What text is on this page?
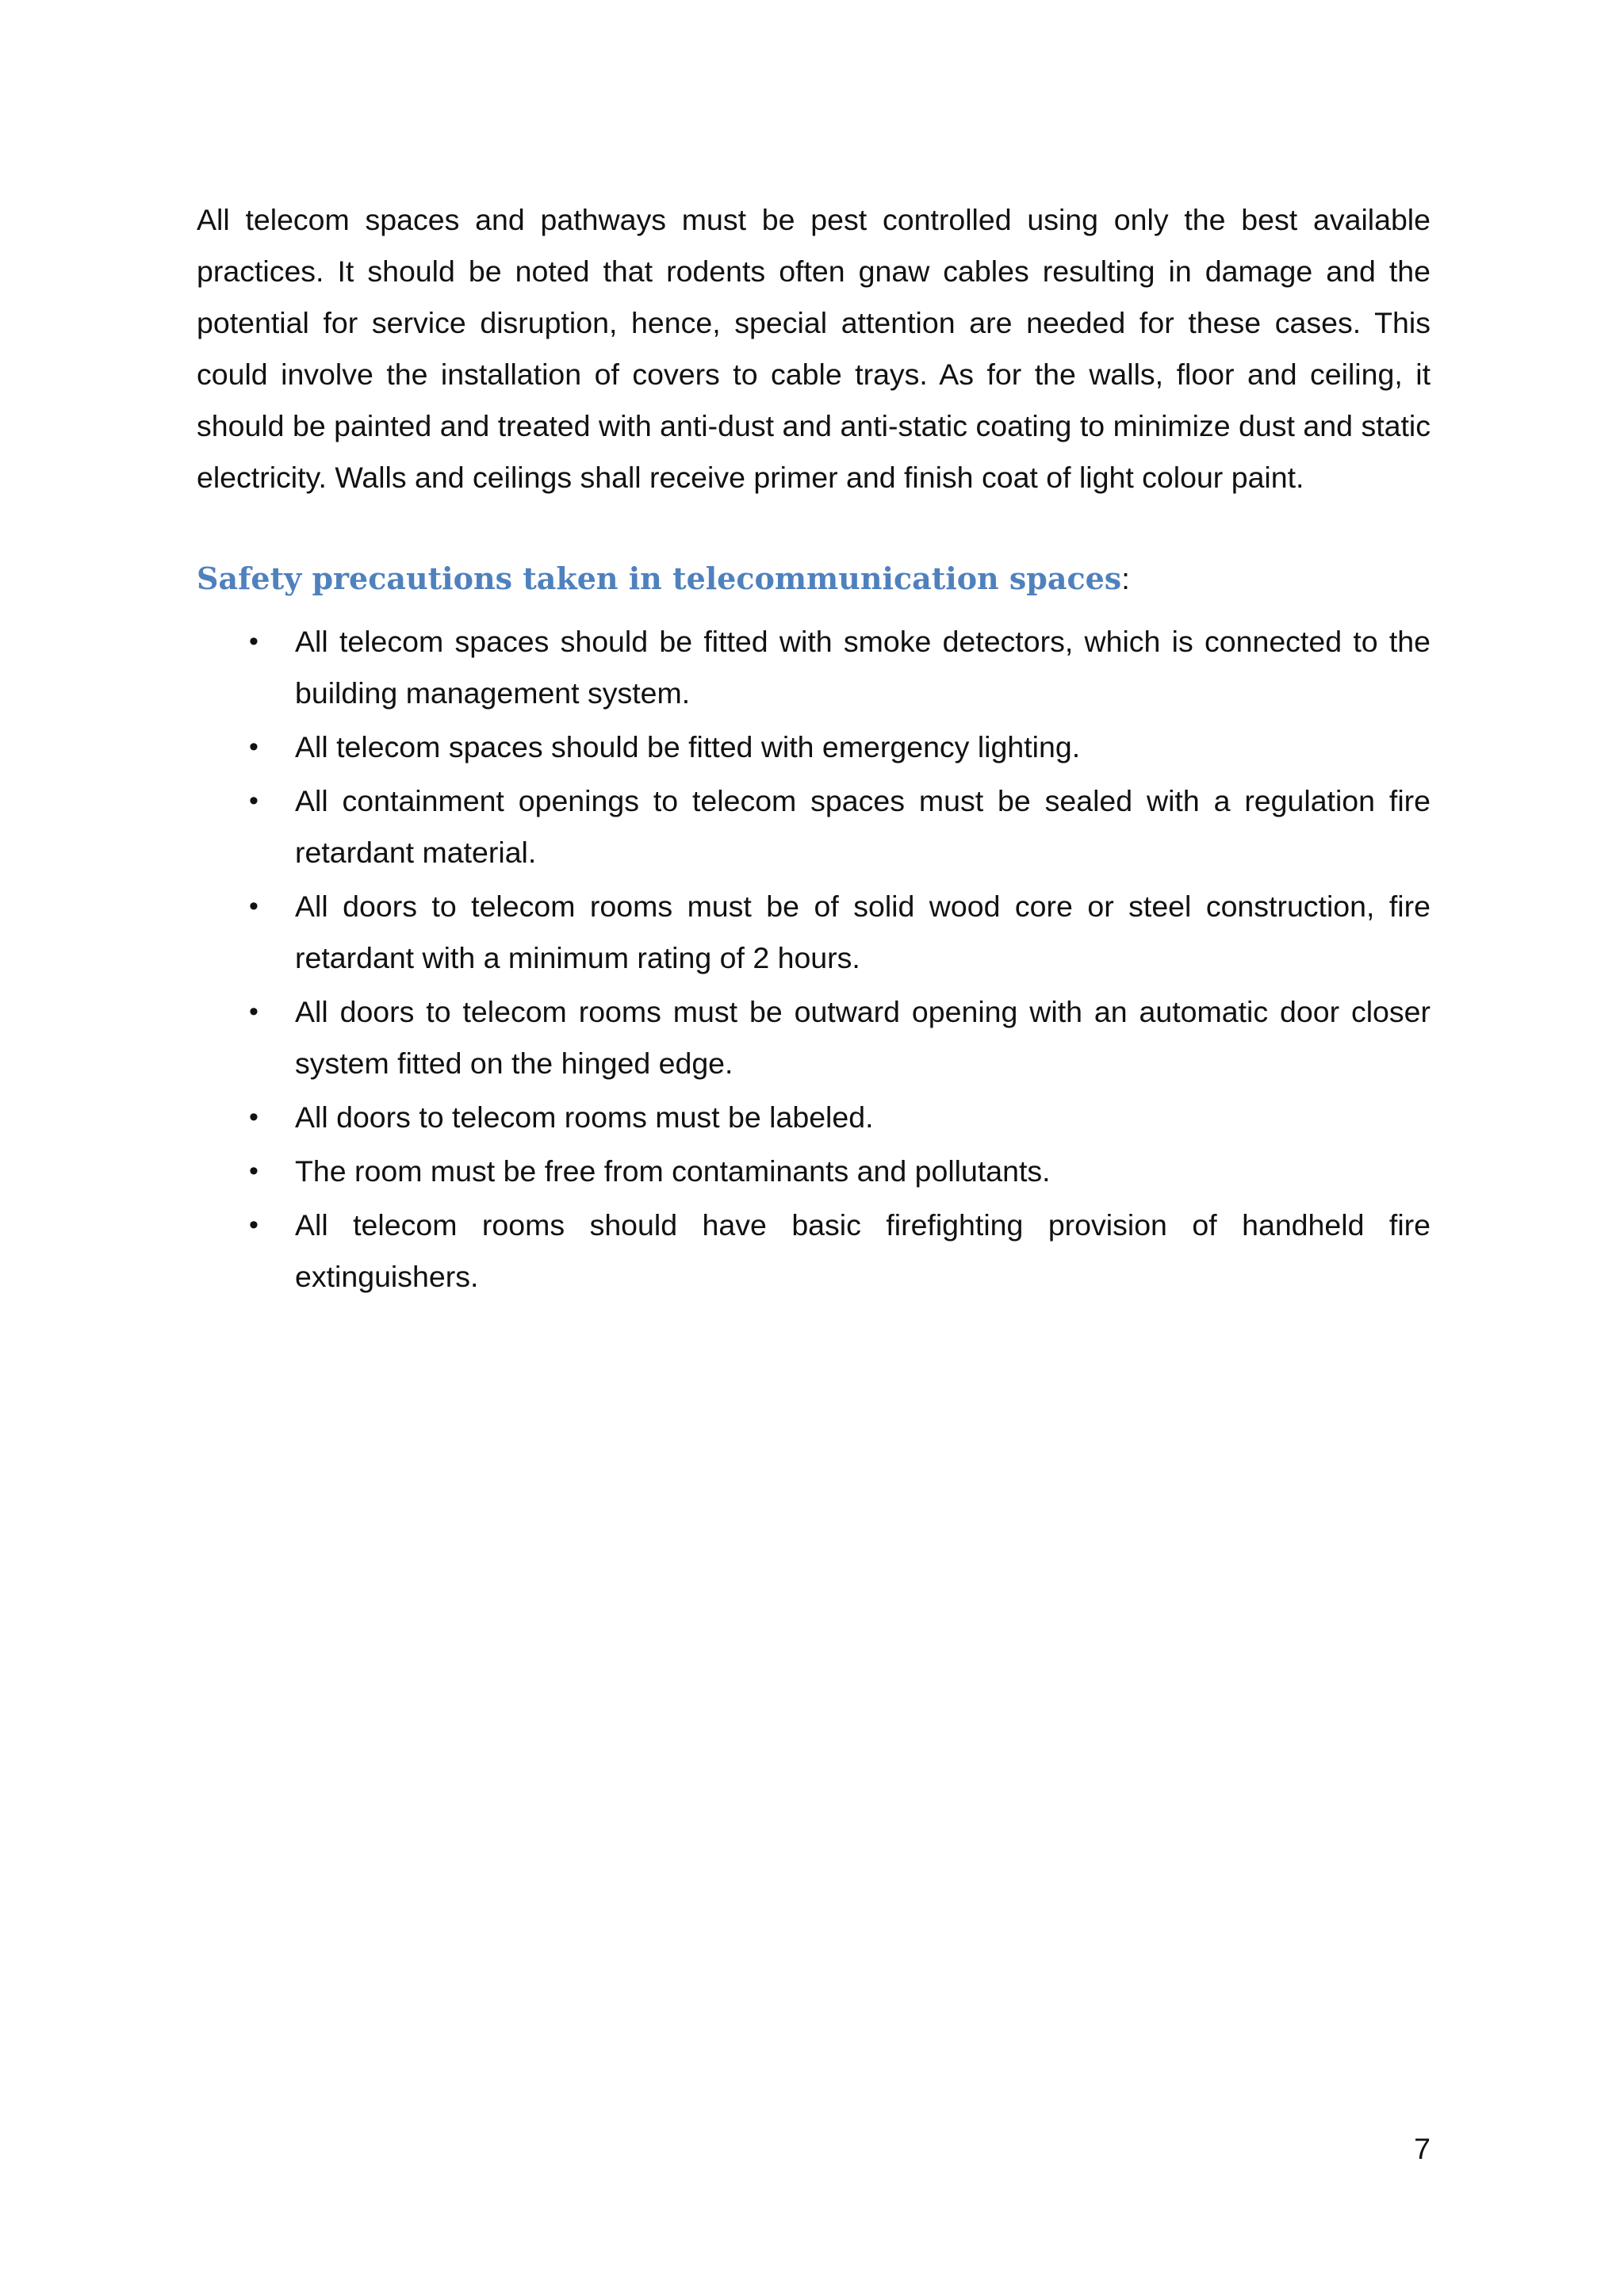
All telecom spaces and pathways must be pest controlled using only the best available practices. It should be noted that rodents often gnaw cables resulting in damage and the potential for service disruption, hence, special attention are needed for these cases. This could involve the installation of covers to cable trays. As for the walls, floor and ceiling, it should be painted and treated with anti-dust and anti-static coating to minimize dust and static electricity. Walls and ceilings shall receive primer and finish coat of light colour paint.

Safety precautions taken in telecommunication spaces:
• All telecom spaces should be fitted with smoke detectors, which is connected to the building management system.
• All telecom spaces should be fitted with emergency lighting.
• All containment openings to telecom spaces must be sealed with a regulation fire retardant material.
• All doors to telecom rooms must be of solid wood core or steel construction, fire retardant with a minimum rating of 2 hours.
• All doors to telecom rooms must be outward opening with an automatic door closer system fitted on the hinged edge.
• All doors to telecom rooms must be labeled.
• The room must be free from contaminants and pollutants.
• All telecom rooms should have basic firefighting provision of handheld fire extinguishers.
7
